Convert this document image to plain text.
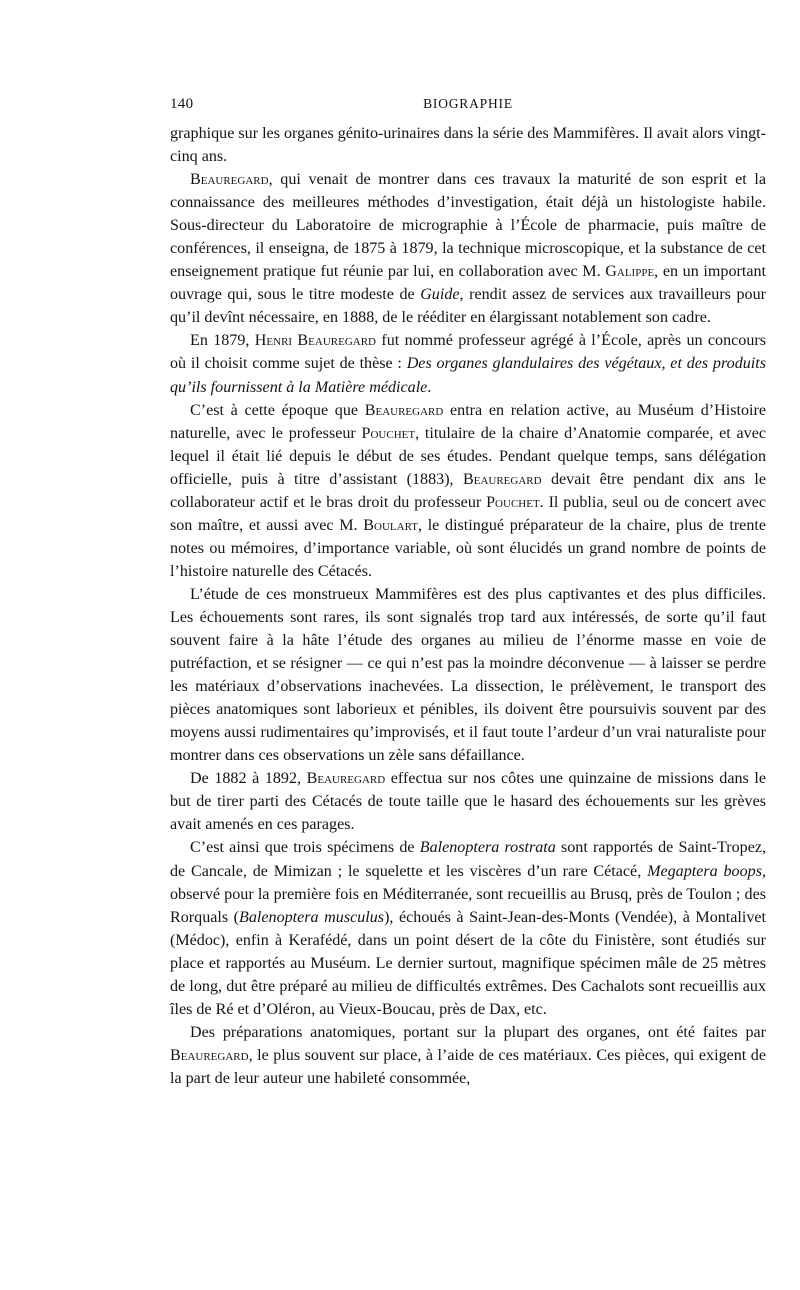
140	BIOGRAPHIE

graphique sur les organes génito-urinaires dans la série des Mammifères. Il avait alors vingt-cinq ans.

Beauregard, qui venait de montrer dans ces travaux la maturité de son esprit et la connaissance des meilleures méthodes d’investigation, était déjà un histologiste habile. Sous-directeur du Laboratoire de micrographie à l’École de pharmacie, puis maître de conférences, il enseigna, de 1875 à 1879, la technique microscopique, et la substance de cet enseignement pratique fut réunie par lui, en collaboration avec M. Galippe, en un important ouvrage qui, sous le titre modeste de Guide, rendit assez de services aux travailleurs pour qu’il devînt nécessaire, en 1888, de le rééditer en élargissant notablement son cadre.

En 1879, Henri Beauregard fut nommé professeur agrégé à l’École, après un concours où il choisit comme sujet de thèse : Des organes glandulaires des végétaux, et des produits qu’ils fournissent à la Matière médicale.

C’est à cette époque que Beauregard entra en relation active, au Muséum d’Histoire naturelle, avec le professeur Pouchet, titulaire de la chaire d’Anatomie comparée, et avec lequel il était lié depuis le début de ses études. Pendant quelque temps, sans délégation officielle, puis à titre d’assistant (1883), Beauregard devait être pendant dix ans le collaborateur actif et le bras droit du professeur Pouchet. Il publia, seul ou de concert avec son maître, et aussi avec M. Boulart, le distingué préparateur de la chaire, plus de trente notes ou mémoires, d’importance variable, où sont élucidés un grand nombre de points de l’histoire naturelle des Cétacés.

L’étude de ces monstrueux Mammifères est des plus captivantes et des plus difficiles. Les échouements sont rares, ils sont signalés trop tard aux intéressés, de sorte qu’il faut souvent faire à la hâte l’étude des organes au milieu de l’énorme masse en voie de putréfaction, et se résigner — ce qui n’est pas la moindre déconvenue — à laisser se perdre les matériaux d’observations inachevées. La dissection, le prélèvement, le transport des pièces anatomiques sont laborieux et pénibles, ils doivent être poursuivis souvent par des moyens aussi rudimentaires qu’improvisés, et il faut toute l’ardeur d’un vrai naturaliste pour montrer dans ces observations un zèle sans défaillance.

De 1882 à 1892, Beauregard effectua sur nos côtes une quinzaine de missions dans le but de tirer parti des Cétacés de toute taille que le hasard des échouements sur les grèves avait amenés en ces parages.

C’est ainsi que trois spécimens de Balenoptera rostrata sont rapportés de Saint-Tropez, de Cancale, de Mimizan ; le squelette et les viscères d’un rare Cétacé, Megaptera boops, observé pour la première fois en Méditerranée, sont recueillis au Brusq, près de Toulon ; des Rorquals (Balenoptera musculus), échoués à Saint-Jean-des-Monts (Vendée), à Montalivet (Médoc), enfin à Kerafédé, dans un point désert de la côte du Finistère, sont étudiés sur place et rapportés au Muséum. Le dernier surtout, magnifique spécimen mâle de 25 mètres de long, dut être préparé au milieu de difficultés extrêmes. Des Cachalots sont recueillis aux îles de Ré et d’Oléron, au Vieux-Boucau, près de Dax, etc.

Des préparations anatomiques, portant sur la plupart des organes, ont été faites par Beauregard, le plus souvent sur place, à l’aide de ces matériaux. Ces pièces, qui exigent de la part de leur auteur une habileté consommée,
